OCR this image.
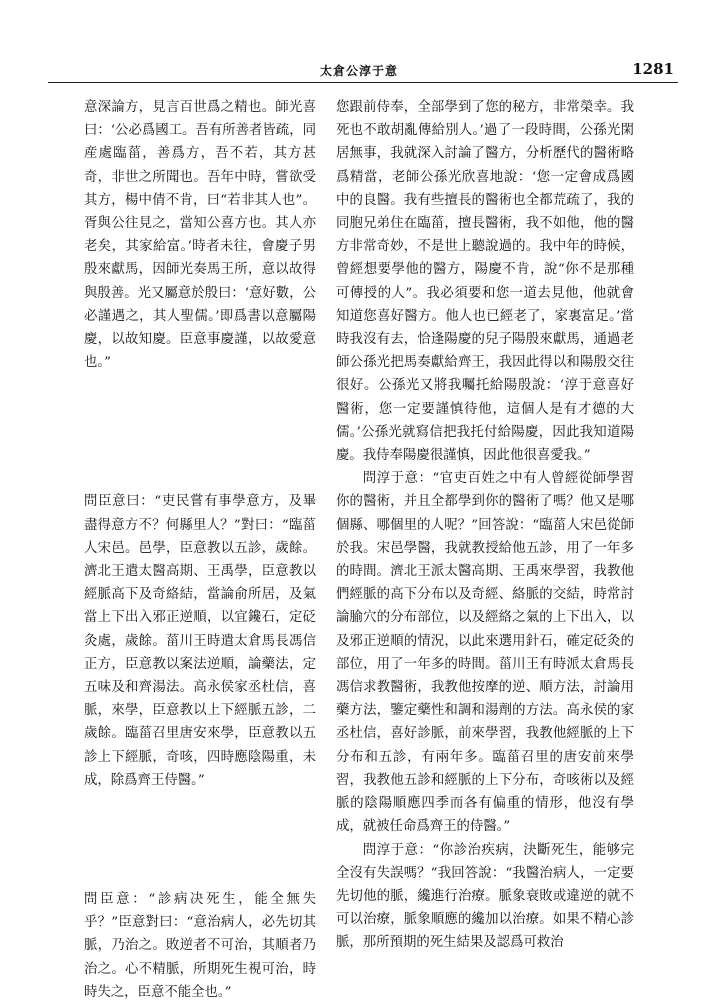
太倉公淳于意	1281

意深論方，見言百世爲之精也。師光喜曰：‘公必爲國工。吾有所善者皆疏，同産處臨菑，善爲方，吾不若，其方甚奇，非世之所聞也。吾年中時，嘗欲受其方，楊中倩不肯，曰“若非其人也”。胥與公往見之，當知公喜方也。其人亦老矣，其家給富。’時者未往，會慶子男殷來獻馬，因師光奏馬王所，意以故得與殷善。光又屬意於殷曰：‘意好數，公必謹遇之，其人聖儒。’即爲書以意屬陽慶，以故知慶。臣意事慶謹，以故愛意也。”

問臣意曰：“吏民嘗有事學意方，及畢盡得意方不？何縣里人？”對曰：“臨菑人宋邑。邑學，臣意教以五診，歲餘。濟北王遣太醫高期、王禹學，臣意教以經脈高下及奇絡結，當論俞所居，及氣當上下出入邪正逆順，以宜鑱石，定砭灸處，歲餘。菑川王時遣太倉馬長馮信正方，臣意教以案法逆順，論藥法，定五味及和齊湯法。高永侯家丞杜信，喜脈，來學，臣意教以上下經脈五診，二歲餘。臨菑召里唐安來學，臣意教以五診上下經脈，奇咳，四時應陰陽重，未成，除爲齊王侍醫。”

問臣意：“診病决死生，能全無失乎？”臣意對曰：“意治病人，必先切其脈，乃治之。敗逆者不可治，其順者乃治之。心不精脈，所期死生視可治，時時失之，臣意不能全也。”

您跟前侍奉，全部學到了您的秘方，非常榮幸。我死也不敢胡亂傳給別人。’過了一段時間，公孫光閑居無事，我就深入討論了醫方，分析歷代的醫術略爲精當，老師公孫光欣喜地說：‘您一定會成爲國中的良醫。我有些擅長的醫術也全都荒疏了，我的同胞兄弟住在臨菑，擅長醫術，我不如他，他的醫方非常奇妙，不是世上聽說過的。我中年的時候，曾經想要學他的醫方，陽慶不肯，說“你不是那種可傳授的人”。我必須要和您一道去見他，他就會知道您喜好醫方。他人也已經老了，家裏富足。’當時我沒有去，恰逢陽慶的兒子陽殷來獻馬，通過老師公孫光把馬奏獻給齊王，我因此得以和陽殷交往很好。公孫光又將我囑托給陽殷說：‘淳于意喜好醫術，您一定要謹慎待他，這個人是有才德的大儒。’公孫光就寫信把我托付給陽慶，因此我知道陽慶。我侍奉陽慶很謹慎，因此他很喜愛我。”

問淳于意：“官吏百姓之中有人曾經從師學習你的醫術，并且全都學到你的醫術了嗎？他又是哪個縣、哪個里的人呢？”回答說：“臨菑人宋邑從師於我。宋邑學醫，我就教授給他五診，用了一年多的時間。濟北王派太醫高期、王禹來學習，我教他們經脈的高下分布以及奇經、絡脈的交結，時常討論腧穴的分布部位，以及經絡之氣的上下出入，以及邪正逆順的情況，以此來選用針石，確定砭灸的部位，用了一年多的時間。菑川王有時派太倉馬長馮信求教醫術，我教他按摩的逆、順方法，討論用藥方法，鑒定藥性和調和湯劑的方法。高永侯的家丞杜信，喜好診脈，前來學習，我教他經脈的上下分布和五診，有兩年多。臨菑召里的唐安前來學習，我教他五診和經脈的上下分布，奇咳術以及經脈的陰陽順應四季而各有偏重的情形，他沒有學成，就被任命爲齊王的侍醫。”

問淳于意：“你診治疾病，決斷死生，能够完全沒有失誤嗎？”我回答說：“我醫治病人，一定要先切他的脈，纔進行治療。脈象衰敗或違逆的就不可以治療，脈象順應的纔加以治療。如果不精心診脈，那所預期的死生結果及認爲可救治
